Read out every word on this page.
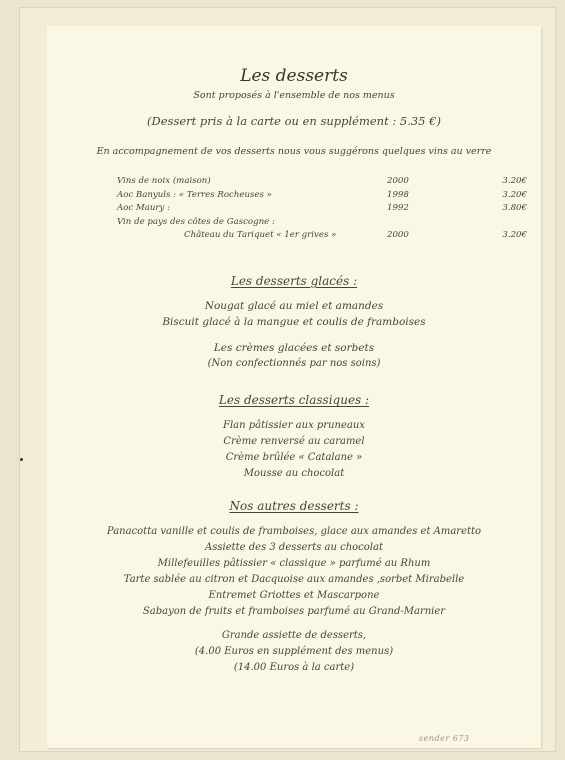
Les desserts
Sont proposés à l'ensemble de nos menus
(Dessert pris à la carte ou en supplément : 5.35 €)
En accompagnement de vos desserts nous vous suggérons quelques vins au verre
Vins de noix (maison)	2000	3.20€
Aoc Banyuls : « Terres Rocheuses »	1998	3.20€
Aoc Maury :	1992	3.80€
Vin de pays des côtes de Gascogne :
Château du Tariquet « 1er grives »	2000	3.20€
Les desserts glacés :
Nougat glacé au miel et amandes
Biscuit glacé à la mangue et coulis de framboises
Les crèmes glacées et sorbets
(Non confectionnés par nos soins)
Les desserts classiques :
Flan pâtissier aux pruneaux
Crème renversé au caramel
Crème brûlée « Catalane »
Mousse au chocolat
Nos autres desserts :
Panacotta vanille et coulis de framboises, glace aux amandes et Amaretto
Assiette des 3 desserts au chocolat
Millefeuilles pâtissier « classique » parfumé au Rhum
Tarte sablée au citron et Dacquoise aux amandes ,sorbet Mirabelle
Entremet Griottes et Mascarpone
Sabayon de fruits et framboises parfumé au Grand-Marnier
Grande assiette de desserts,
(4.00 Euros en supplément des menus)
(14.00 Euros à la carte)
sender 673
